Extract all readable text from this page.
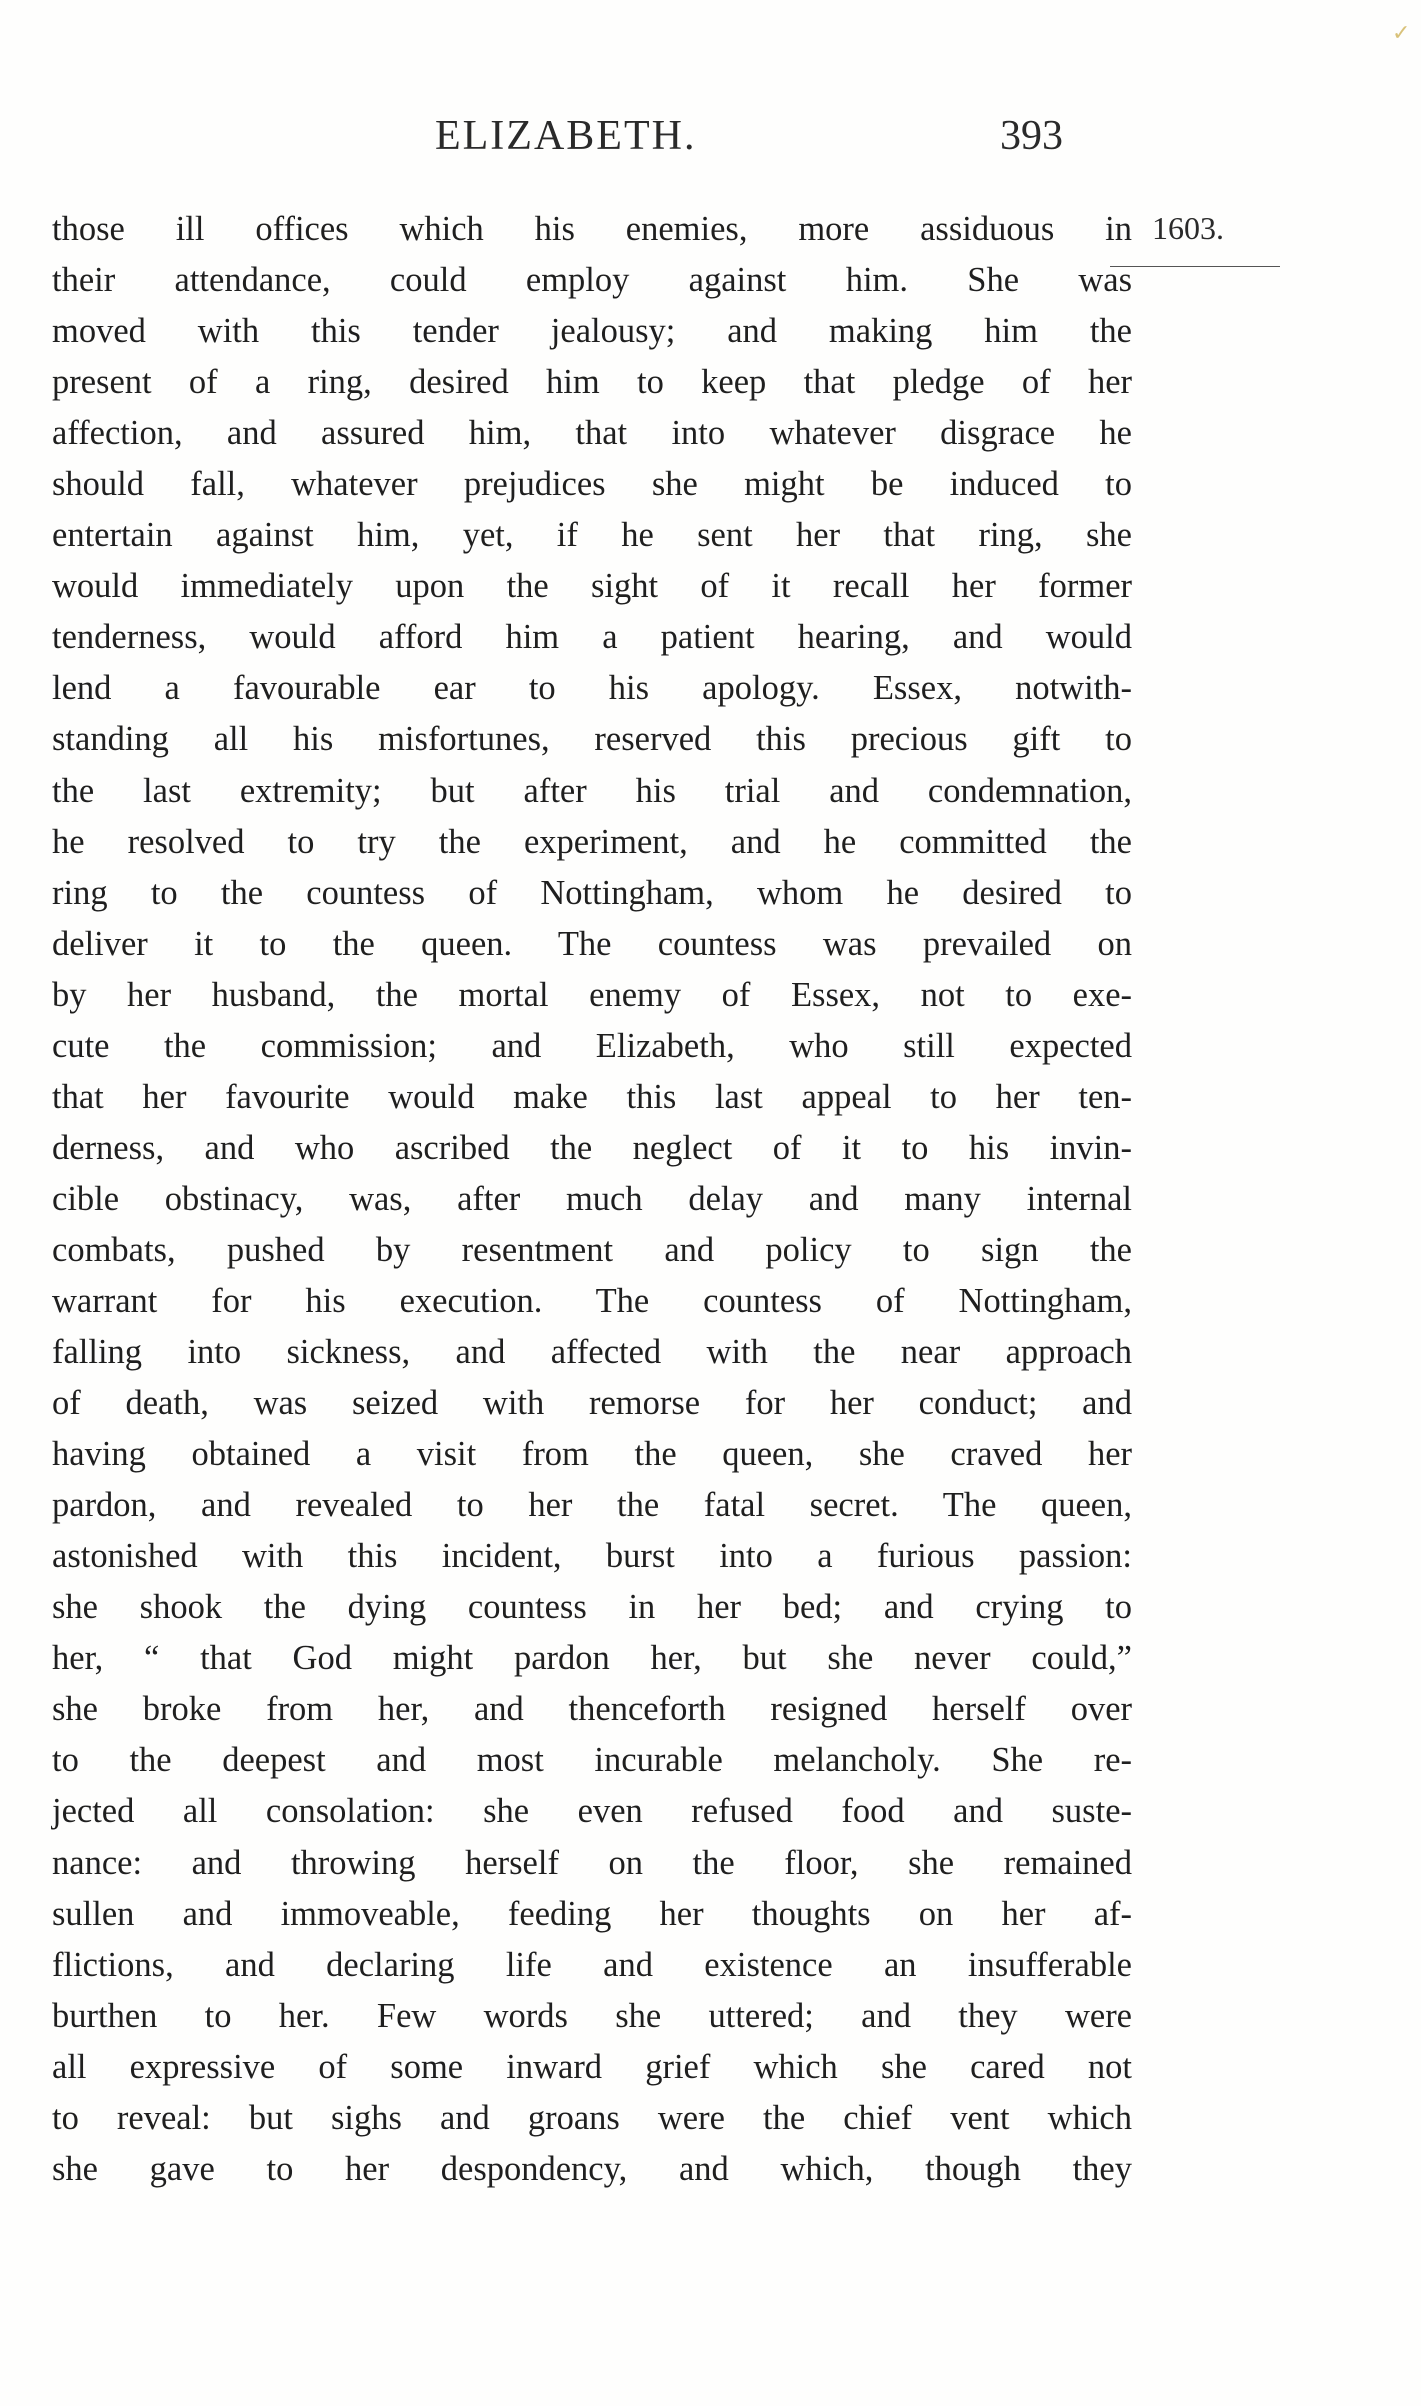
✓
ELIZABETH.	393
1603.
those ill offices which his enemies, more assiduous in
their attendance, could employ against him. She was
moved with this tender jealousy; and making him the
present of a ring, desired him to keep that pledge of her
affection, and assured him, that into whatever disgrace he
should fall, whatever prejudices she might be induced to
entertain against him, yet, if he sent her that ring, she
would immediately upon the sight of it recall her former
tenderness, would afford him a patient hearing, and would
lend a favourable ear to his apology. Essex, notwith-
standing all his misfortunes, reserved this precious gift to
the last extremity; but after his trial and condemnation,
he resolved to try the experiment, and he committed the
ring to the countess of Nottingham, whom he desired to
deliver it to the queen. The countess was prevailed on
by her husband, the mortal enemy of Essex, not to exe-
cute the commission; and Elizabeth, who still expected
that her favourite would make this last appeal to her ten-
derness, and who ascribed the neglect of it to his invin-
cible obstinacy, was, after much delay and many internal
combats, pushed by resentment and policy to sign the
warrant for his execution. The countess of Nottingham,
falling into sickness, and affected with the near approach
of death, was seized with remorse for her conduct; and
having obtained a visit from the queen, she craved her
pardon, and revealed to her the fatal secret. The queen,
astonished with this incident, burst into a furious passion:
she shook the dying countess in her bed; and crying to
her, “ that God might pardon her, but she never could,”
she broke from her, and thenceforth resigned herself over
to the deepest and most incurable melancholy. She re-
jected all consolation: she even refused food and suste-
nance: and throwing herself on the floor, she remained
sullen and immoveable, feeding her thoughts on her af-
flictions, and declaring life and existence an insufferable
burthen to her. Few words she uttered; and they were
all expressive of some inward grief which she cared not
to reveal: but sighs and groans were the chief vent which
she gave to her despondency, and which, though they
